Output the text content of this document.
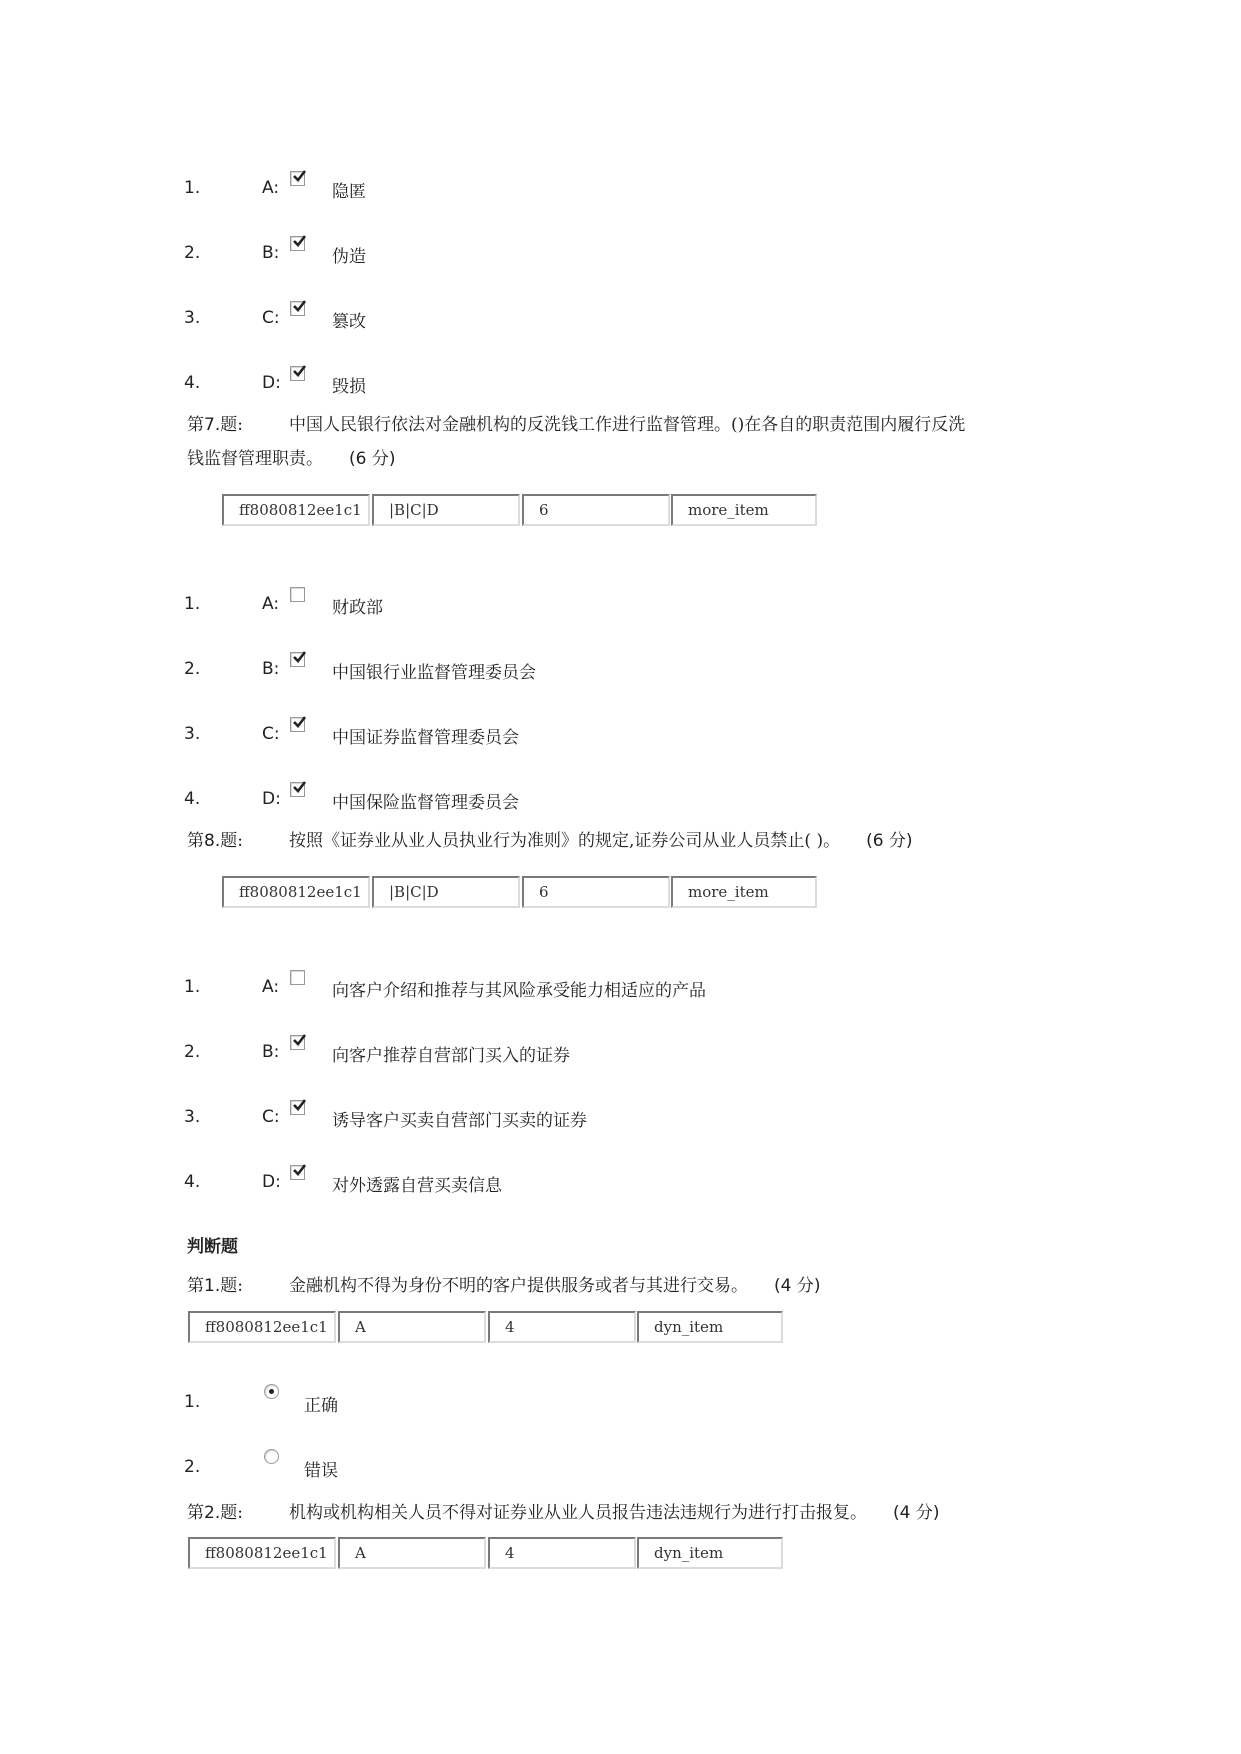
1.	A:	隐匿
2.	B:	伪造
3.	C:	篡改
4.	D:	毁损
第7.题:	中国人民银行依法对金融机构的反洗钱工作进行监督管理。()在各自的职责范围内履行反洗
钱监督管理职责。 (6 分)
ff8080812ee1c1	|B|C|D	6	more_item
1.	A:	财政部
2.	B:	中国银行业监督管理委员会
3.	C:	中国证券监督管理委员会
4.	D:	中国保险监督管理委员会
第8.题:	按照《证券业从业人员执业行为准则》的规定,证券公司从业人员禁止( )。 (6 分)
ff8080812ee1c1	|B|C|D	6	more_item
1.	A:	向客户介绍和推荐与其风险承受能力相适应的产品
2.	B:	向客户推荐自营部门买入的证券
3.	C:	诱导客户买卖自营部门买卖的证券
4.	D:	对外透露自营买卖信息
判断题
第1.题:	金融机构不得为身份不明的客户提供服务或者与其进行交易。 (4 分)
ff8080812ee1c1	A	4	dyn_item
1.	正确
2.	错误
第2.题:	机构或机构相关人员不得对证券业从业人员报告违法违规行为进行打击报复。 (4 分)
ff8080812ee1c1	A	4	dyn_item
